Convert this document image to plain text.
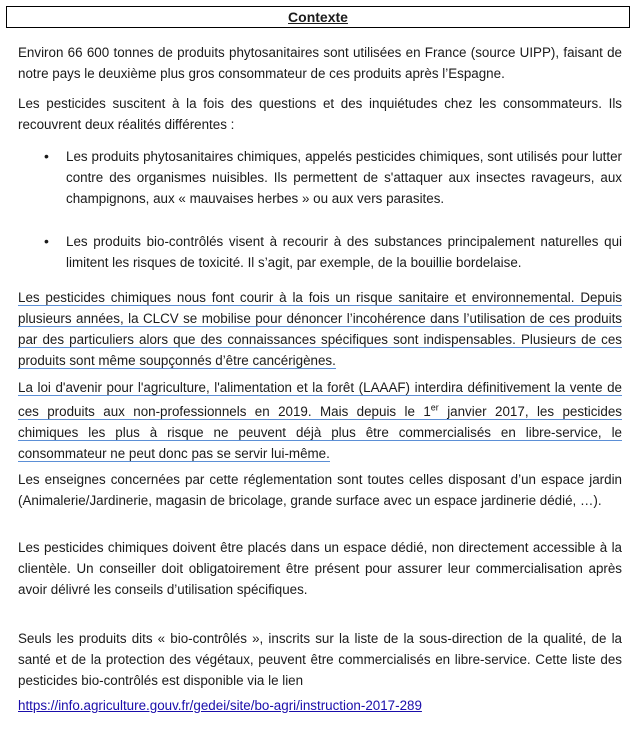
Contexte

Environ 66 600 tonnes de produits phytosanitaires sont utilisées en France (source UIPP), faisant de notre pays le deuxième plus gros consommateur de ces produits après l’Espagne.

Les pesticides suscitent à la fois des questions et des inquiétudes chez les consommateurs. Ils recouvrent deux réalités différentes :

• Les produits phytosanitaires chimiques, appelés pesticides chimiques, sont utilisés pour lutter contre des organismes nuisibles. Ils permettent de s'attaquer aux insectes ravageurs, aux champignons, aux « mauvaises herbes » ou aux vers parasites.

• Les produits bio-contrôlés visent à recourir à des substances principalement naturelles qui limitent les risques de toxicité. Il s’agit, par exemple, de la bouillie bordelaise.

Les pesticides chimiques nous font courir à la fois un risque sanitaire et environnemental. Depuis plusieurs années, la CLCV se mobilise pour dénoncer l’incohérence dans l’utilisation de ces produits par des particuliers alors que des connaissances spécifiques sont indispensables. Plusieurs de ces produits sont même soupçonnés d’être cancérigènes.

La loi d'avenir pour l'agriculture, l'alimentation et la forêt (LAAAF) interdira définitivement la vente de ces produits aux non-professionnels en 2019. Mais depuis le 1er janvier 2017, les pesticides chimiques les plus à risque ne peuvent déjà plus être commercialisés en libre-service, le consommateur ne peut donc pas se servir lui-même.

Les enseignes concernées par cette réglementation sont toutes celles disposant d’un espace jardin (Animalerie/Jardinerie, magasin de bricolage, grande surface avec un espace jardinerie dédié, …).

Les pesticides chimiques doivent être placés dans un espace dédié, non directement accessible à la clientèle. Un conseiller doit obligatoirement être présent pour assurer leur commercialisation après avoir délivré les conseils d’utilisation spécifiques.

Seuls les produits dits « bio-contrôlés », inscrits sur la liste de la sous-direction de la qualité, de la santé et de la protection des végétaux, peuvent être commercialisés en libre-service. Cette liste des pesticides bio-contrôlés est disponible via le lien

https://info.agriculture.gouv.fr/gedei/site/bo-agri/instruction-2017-289
